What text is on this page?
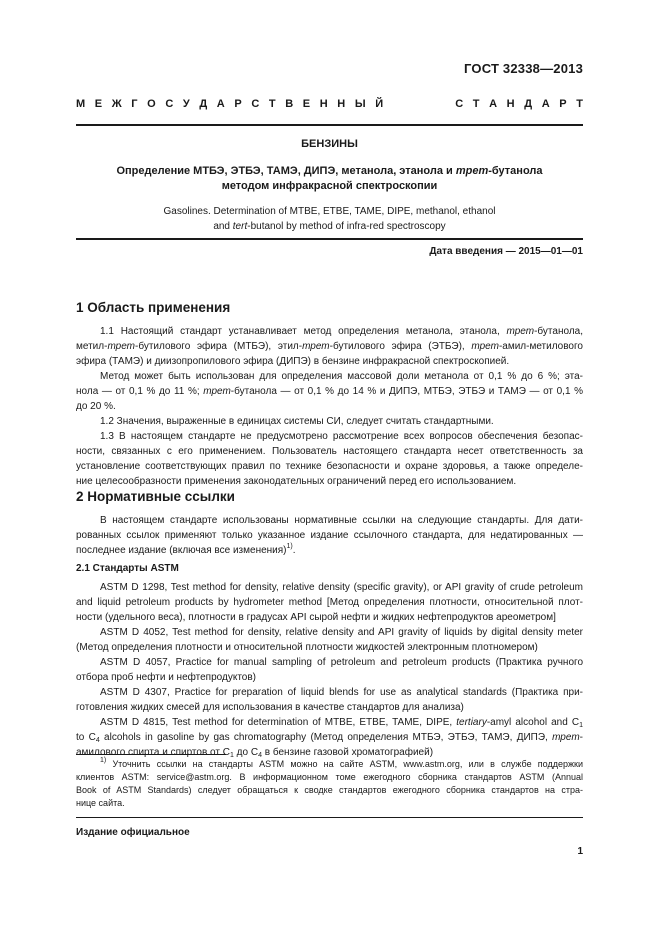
ГОСТ 32338—2013
М Е Ж Г О С У Д А Р С Т В Е Н Н Ы Й	С Т А Н Д А Р Т
БЕНЗИНЫ
Определение МТБЭ, ЭТБЭ, ТАМЭ, ДИПЭ, метанола, этанола и трет-бутанола
методом инфракрасной спектроскопии
Gasolines. Determination of MTBE, ETBE, TAME, DIPE, methanol, ethanol
and tert-butanol by method of infra-red spectroscopy
Дата введения — 2015—01—01
1 Область применения
1.1 Настоящий стандарт устанавливает метод определения метанола, этанола, трет-бутанола,
метил-трет-бутилового эфира (МТБЭ), этил-трет-бутилового эфира (ЭТБЭ), трет-амил-метилового
эфира (ТАМЭ) и диизопропилового эфира (ДИПЭ) в бензине инфракрасной спектроскопией.
Метод может быть использован для определения массовой доли метанола от 0,1 % до 6 %; эта-
нола — от 0,1 % до 11 %; трет-бутанола — от 0,1 % до 14 % и ДИПЭ, МТБЭ, ЭТБЭ и ТАМЭ — от 0,1 %
до 20 %.
1.2 Значения, выраженные в единицах системы СИ, следует считать стандартными.
1.3 В настоящем стандарте не предусмотрено рассмотрение всех вопросов обеспечения безопас-
ности, связанных с его применением. Пользователь настоящего стандарта несет ответственность за
установление соответствующих правил по технике безопасности и охране здоровья, а также определе-
ние целесообразности применения законодательных ограничений перед его использованием.
2 Нормативные ссылки
В настоящем стандарте использованы нормативные ссылки на следующие стандарты. Для дати-
рованных ссылок применяют только указанное издание ссылочного стандарта, для недатированных —
последнее издание (включая все изменения)$^{1)}$.
2.1 Стандарты ASTM
ASTM D 1298, Test method for density, relative density (specific gravity), or API gravity of crude petroleum
and liquid petroleum products by hydrometer method [Метод определения плотности, относительной плот-
ности (удельного веса), плотности в градусах API сырой нефти и жидких нефтепродуктов ареометром]
ASTM D 4052, Test method for density, relative density and API gravity of liquids by digital density meter
(Метод определения плотности и относительной плотности жидкостей электронным плотномером)
ASTM D 4057, Practice for manual sampling of petroleum and petroleum products (Практика ручного
отбора проб нефти и нефтепродуктов)
ASTM D 4307, Practice for preparation of liquid blends for use as analytical standards (Практика при-
готовления жидких смесей для использования в качестве стандартов для анализа)
ASTM D 4815, Test method for determination of MTBE, ETBE, TAME, DIPE, tertiary-amyl alcohol and $C_1$
to $C_4$ alcohols in gasoline by gas chromatography (Метод определения МТБЭ, ЭТБЭ, ТАМЭ, ДИПЭ, трет-
амилового спирта и спиртов от $C_1$ до $C_4$ в бензине газовой хроматографией)
$^{1)}$ Уточнить ссылки на стандарты ASTM можно на сайте ASTM, www.astm.org, или в службе поддержки
клиентов ASTM: service@astm.org. В информационном томе ежегодного сборника стандартов ASTM (Annual
Book of ASTM Standards) следует обращаться к сводке стандартов ежегодного сборника стандартов на стра-
нице сайта.
Издание официальное
1
